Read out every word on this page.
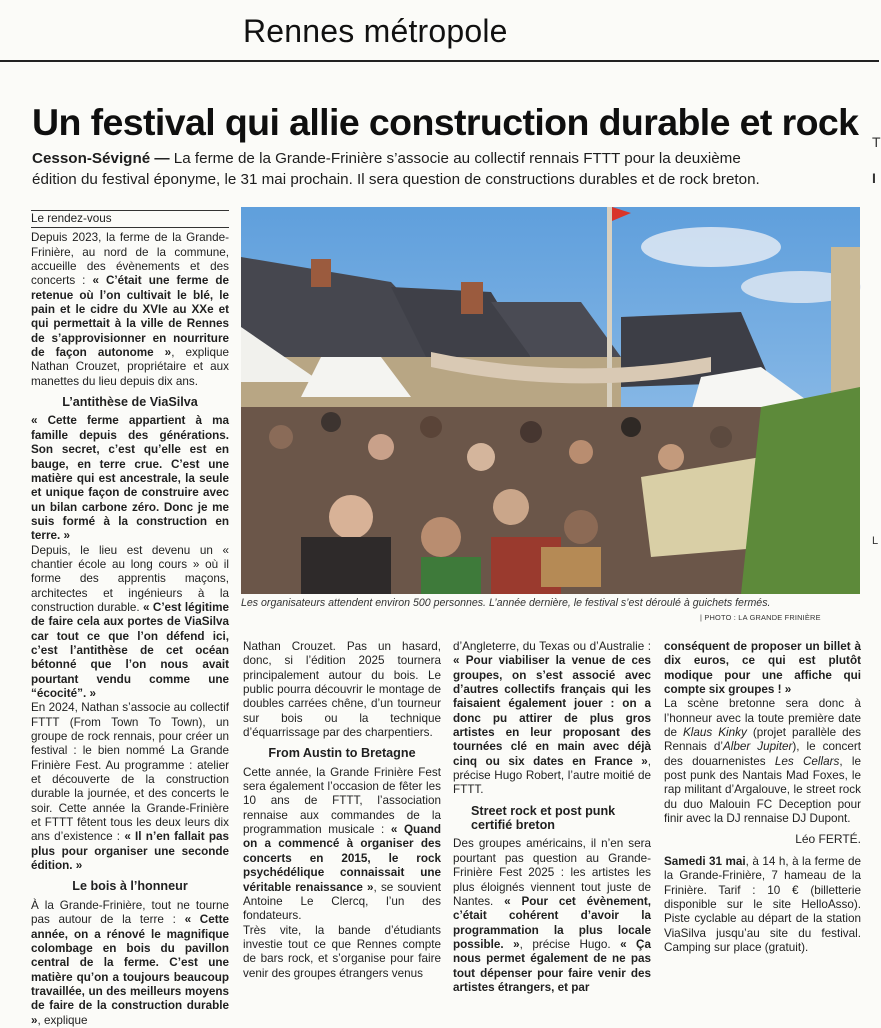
Rennes métropole
Un festival qui allie construction durable et rock
Cesson-Sévigné — La ferme de la Grande-Frinière s’associe au collectif rennais FTTT pour la deuxième édition du festival éponyme, le 31 mai prochain. Il sera question de constructions durables et de rock breton.
T
I
L
Le rendez-vous

Depuis 2023, la ferme de la Grande-Frinière, au nord de la commune, accueille des évènements et des concerts : « C’était une ferme de retenue où l’on cultivait le blé, le pain et le cidre du XVIe au XXe et qui permettait à la ville de Rennes de s’approvisionner en nourriture de façon autonome », explique Nathan Crouzet, propriétaire et aux manettes du lieu depuis dix ans.

L’antithèse de ViaSilva

« Cette ferme appartient à ma famille depuis des générations. Son secret, c’est qu’elle est en bauge, en terre crue. C’est une matière qui est ancestrale, la seule et unique façon de construire avec un bilan carbone zéro. Donc je me suis formé à la construction en terre. »

Depuis, le lieu est devenu un « chantier école au long cours » où il forme des apprentis maçons, architectes et ingénieurs à la construction durable. « C’est légitime de faire cela aux portes de ViaSilva car tout ce que l’on défend ici, c’est l’antithèse de cet océan bétonné que l’on nous avait pourtant vendu comme une “écocité”. »

En 2024, Nathan s’associe au collectif FTTT (From Town To Town), un groupe de rock rennais, pour créer un festival : le bien nommé La Grande Frinière Fest. Au programme : atelier et découverte de la construction durable la journée, et des concerts le soir. Cette année la Grande-Frinière et FTTT fêtent tous les deux leurs dix ans d’existence : « Il n’en fallait pas plus pour organiser une seconde édition. »

Le bois à l’honneur

À la Grande-Frinière, tout ne tourne pas autour de la terre : « Cette année, on a rénové le magnifique colombage en bois du pavillon central de la ferme. C’est une matière qu’on a toujours beaucoup travaillée, un des meilleurs moyens de faire de la construction durable », explique

Les organisateurs attendent environ 500 personnes. L’année dernière, le festival s’est déroulé à guichets fermés.
| PHOTO : LA GRANDE FRINIÈRE

Nathan Crouzet. Pas un hasard, donc, si l’édition 2025 tournera principalement autour du bois. Le public pourra découvrir le montage de doubles carrées chêne, d’un tourneur sur bois ou la technique d’équarrissage par des charpentiers.

From Austin to Bretagne

Cette année, la Grande Frinière Fest sera également l’occasion de fêter les 10 ans de FTTT, l’association rennaise aux commandes de la programmation musicale : « Quand on a commencé à organiser des concerts en 2015, le rock psychédélique connaissait une véritable renaissance », se souvient Antoine Le Clercq, l’un des fondateurs.

Très vite, la bande d’étudiants investie tout ce que Rennes compte de bars rock, et s’organise pour faire venir des groupes étrangers venus

d’Angleterre, du Texas ou d’Australie : « Pour viabiliser la venue de ces groupes, on s’est associé avec d’autres collectifs français qui les faisaient également jouer : on a donc pu attirer de plus gros artistes en leur proposant des tournées clé en main avec déjà cinq ou six dates en France », précise Hugo Robert, l’autre moitié de FTTT.

Street rock et post punk certifié breton

Des groupes américains, il n’en sera pourtant pas question au Grande-Frinière Fest 2025 : les artistes les plus éloignés viennent tout juste de Nantes. « Pour cet évènement, c’était cohérent d’avoir la programmation la plus locale possible. », précise Hugo. « Ça nous permet également de ne pas tout dépenser pour faire venir des artistes étrangers, et par

conséquent de proposer un billet à dix euros, ce qui est plutôt modique pour une affiche qui compte six groupes ! »

La scène bretonne sera donc à l’honneur avec la toute première date de Klaus Kinky (projet parallèle des Rennais d’Alber Jupiter), le concert des douarnenistes Les Cellars, le post punk des Nantais Mad Foxes, le rap militant d’Argalouve, le street rock du duo Malouin FC Deception pour finir avec la DJ rennaise DJ Dupont.

Léo FERTÉ.

Samedi 31 mai, à 14 h, à la ferme de la Grande-Frinière, 7 hameau de la Frinière. Tarif : 10 € (billetterie disponible sur le site HelloAsso). Piste cyclable au départ de la station ViaSilva jusqu’au site du festival. Camping sur place (gratuit).
